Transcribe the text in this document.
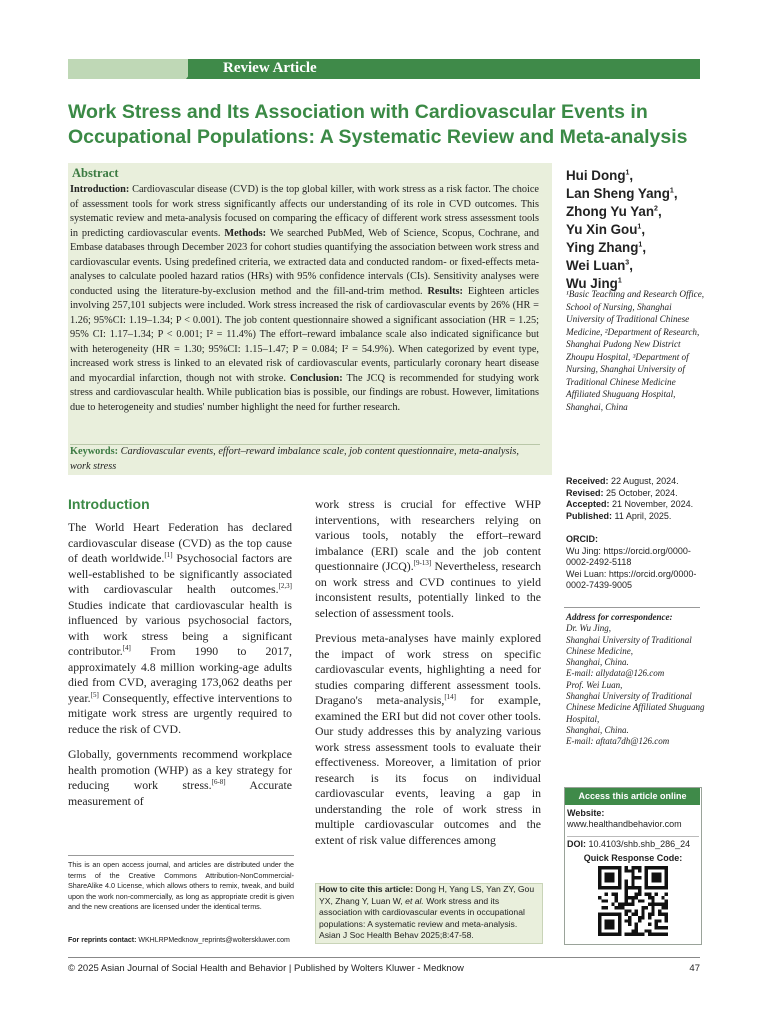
Review Article
Work Stress and Its Association with Cardiovascular Events in Occupational Populations: A Systematic Review and Meta-analysis
Abstract
Introduction: Cardiovascular disease (CVD) is the top global killer, with work stress as a risk factor. The choice of assessment tools for work stress significantly affects our understanding of its role in CVD outcomes. This systematic review and meta-analysis focused on comparing the efficacy of different work stress assessment tools in predicting cardiovascular events. Methods: We searched PubMed, Web of Science, Scopus, Cochrane, and Embase databases through December 2023 for cohort studies quantifying the association between work stress and cardiovascular events. Using predefined criteria, we extracted data and conducted random- or fixed-effects meta-analyses to calculate pooled hazard ratios (HRs) with 95% confidence intervals (CIs). Sensitivity analyses were conducted using the literature-by-exclusion method and the fill-and-trim method. Results: Eighteen articles involving 257,101 subjects were included. Work stress increased the risk of cardiovascular events by 26% (HR = 1.26; 95%CI: 1.19–1.34; P < 0.001). The job content questionnaire showed a significant association (HR = 1.25; 95% CI: 1.17–1.34; P < 0.001; I² = 11.4%) The effort–reward imbalance scale also indicated significance but with heterogeneity (HR = 1.30; 95%CI: 1.15–1.47; P = 0.084; I² = 54.9%). When categorized by event type, increased work stress is linked to an elevated risk of cardiovascular events, particularly coronary heart disease and myocardial infarction, though not with stroke. Conclusion: The JCQ is recommended for studying work stress and cardiovascular health. While publication bias is possible, our findings are robust. However, limitations due to heterogeneity and studies' number highlight the need for further research.
Keywords: Cardiovascular events, effort–reward imbalance scale, job content questionnaire, meta-analysis, work stress
Hui Dong$^1$,
Lan Sheng Yang$^1$,
Zhong Yu Yan$^2$,
Yu Xin Gou$^1$,
Ying Zhang$^1$,
Wei Luan$^3$,
Wu Jing$^1$
¹Basic Teaching and Research Office, School of Nursing, Shanghai University of Traditional Chinese Medicine, ²Department of Research, Shanghai Pudong New District Zhoupu Hospital, ³Department of Nursing, Shanghai University of Traditional Chinese Medicine Affiliated Shuguang Hospital, Shanghai, China
Received: 22 August, 2024.
Revised: 25 October, 2024.
Accepted: 21 November, 2024.
Published: 11 April, 2025.
ORCID:
Wu Jing: https://orcid.org/0000-0002-2492-5118
Wei Luan: https://orcid.org/0000-0002-7439-9005
Address for correspondence:
Dr. Wu Jing,
Shanghai University of Traditional Chinese Medicine,
Shanghai, China.
E-mail: allydata@126.com
Prof. Wei Luan,
Shanghai University of Traditional Chinese Medicine Affiliated Shuguang Hospital,
Shanghai, China.
E-mail: aftata7dh@126.com
Access this article online
Website: www.healthandbehavior.com
DOI: 10.4103/shb.shb_286_24
Quick Response Code:
Introduction

The World Heart Federation has declared cardiovascular disease (CVD) as the top cause of death worldwide.[1] Psychosocial factors are well-established to be significantly associated with cardiovascular health outcomes.[2,3] Studies indicate that cardiovascular health is influenced by various psychosocial factors, with work stress being a significant contributor.[4] From 1990 to 2017, approximately 4.8 million working-age adults died from CVD, averaging 173,062 deaths per year.[5] Consequently, effective interventions to mitigate work stress are urgently required to reduce the risk of CVD.

Globally, governments recommend workplace health promotion (WHP) as a key strategy for reducing work stress.[6-8] Accurate measurement of

work stress is crucial for effective WHP interventions, with researchers relying on various tools, notably the effort–reward imbalance (ERI) scale and the job content questionnaire (JCQ).[9-13] Nevertheless, research on work stress and CVD continues to yield inconsistent results, potentially linked to the selection of assessment tools.

Previous meta-analyses have mainly explored the impact of work stress on specific cardiovascular events, highlighting a need for studies comparing different assessment tools. Dragano's meta-analysis,[14] for example, examined the ERI but did not cover other tools. Our study addresses this by analyzing various work stress assessment tools to evaluate their effectiveness. Moreover, a limitation of prior research is its focus on individual cardiovascular events, leaving a gap in understanding the role of work stress in multiple cardiovascular outcomes and the extent of risk value differences among

This is an open access journal, and articles are distributed under the terms of the Creative Commons Attribution-NonCommercial-ShareAlike 4.0 License, which allows others to remix, tweak, and build upon the work non-commercially, as long as appropriate credit is given and the new creations are licensed under the identical terms.
For reprints contact: WKHLRPMedknow_reprints@wolterskluwer.com
How to cite this article: Dong H, Yang LS, Yan ZY, Gou YX, Zhang Y, Luan W, et al. Work stress and its association with cardiovascular events in occupational populations: A systematic review and meta-analysis. Asian J Soc Health Behav 2025;8:47-58.
© 2025 Asian Journal of Social Health and Behavior | Published by Wolters Kluwer - Medknow	47
